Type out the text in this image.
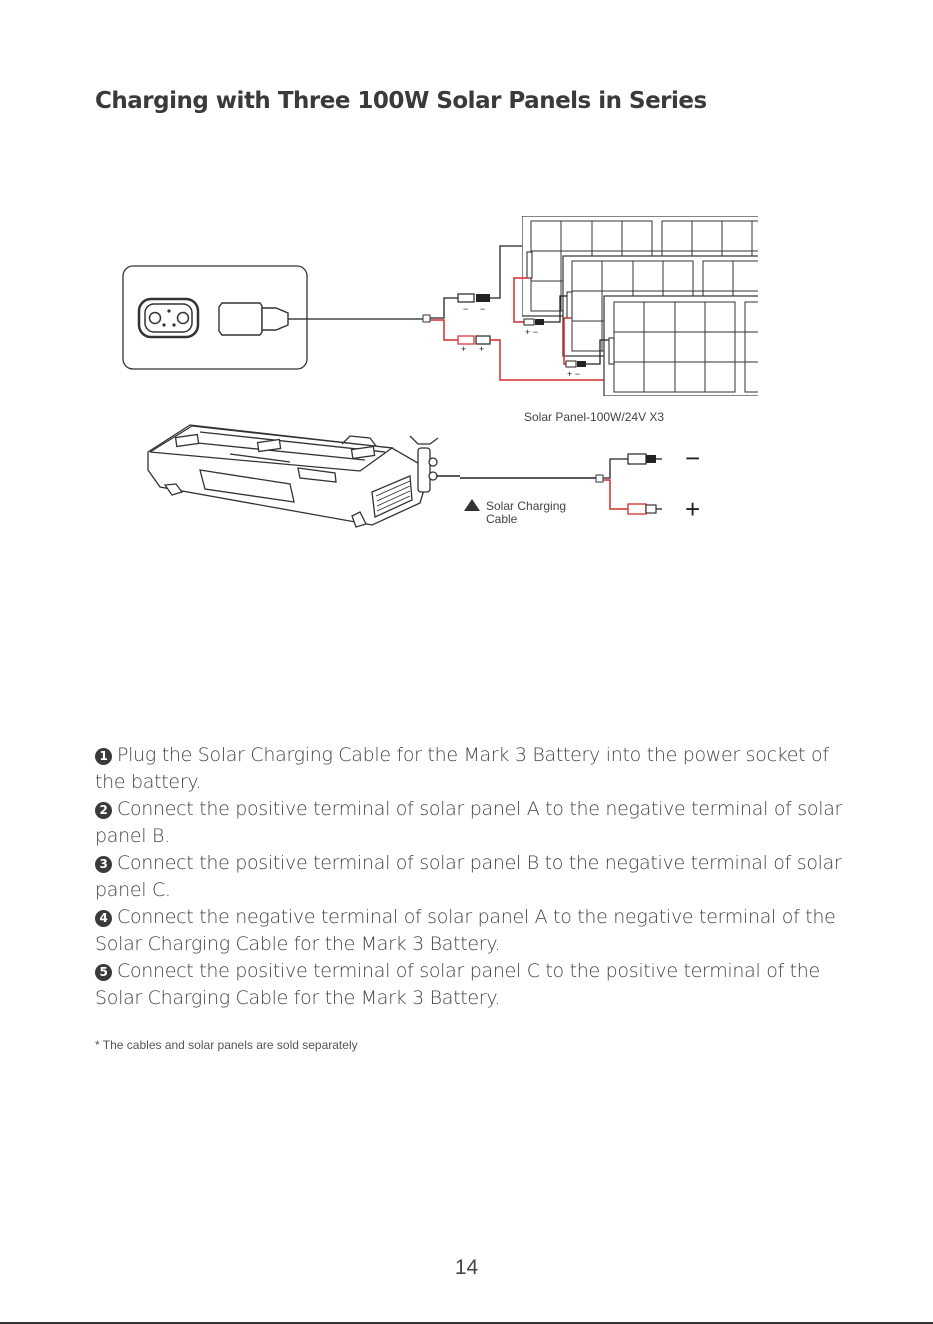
Charging with Three 100W Solar Panels in Series
− −
+ +
+ −
+ −
Solar Panel-100W/24V X3
−
+
Solar Charging
Cable
1 Plug the Solar Charging Cable for the Mark 3 Battery into the power socket of the battery.
2 Connect the positive terminal of solar panel A to the negative terminal of solar panel B.
3 Connect the positive terminal of solar panel B to the negative terminal of solar panel C.
4 Connect the negative terminal of solar panel A to the negative terminal of the Solar Charging Cable for the Mark 3 Battery.
5 Connect the positive terminal of solar panel C to the positive terminal of the Solar Charging Cable for the Mark 3 Battery.

* The cables and solar panels are sold separately

14
